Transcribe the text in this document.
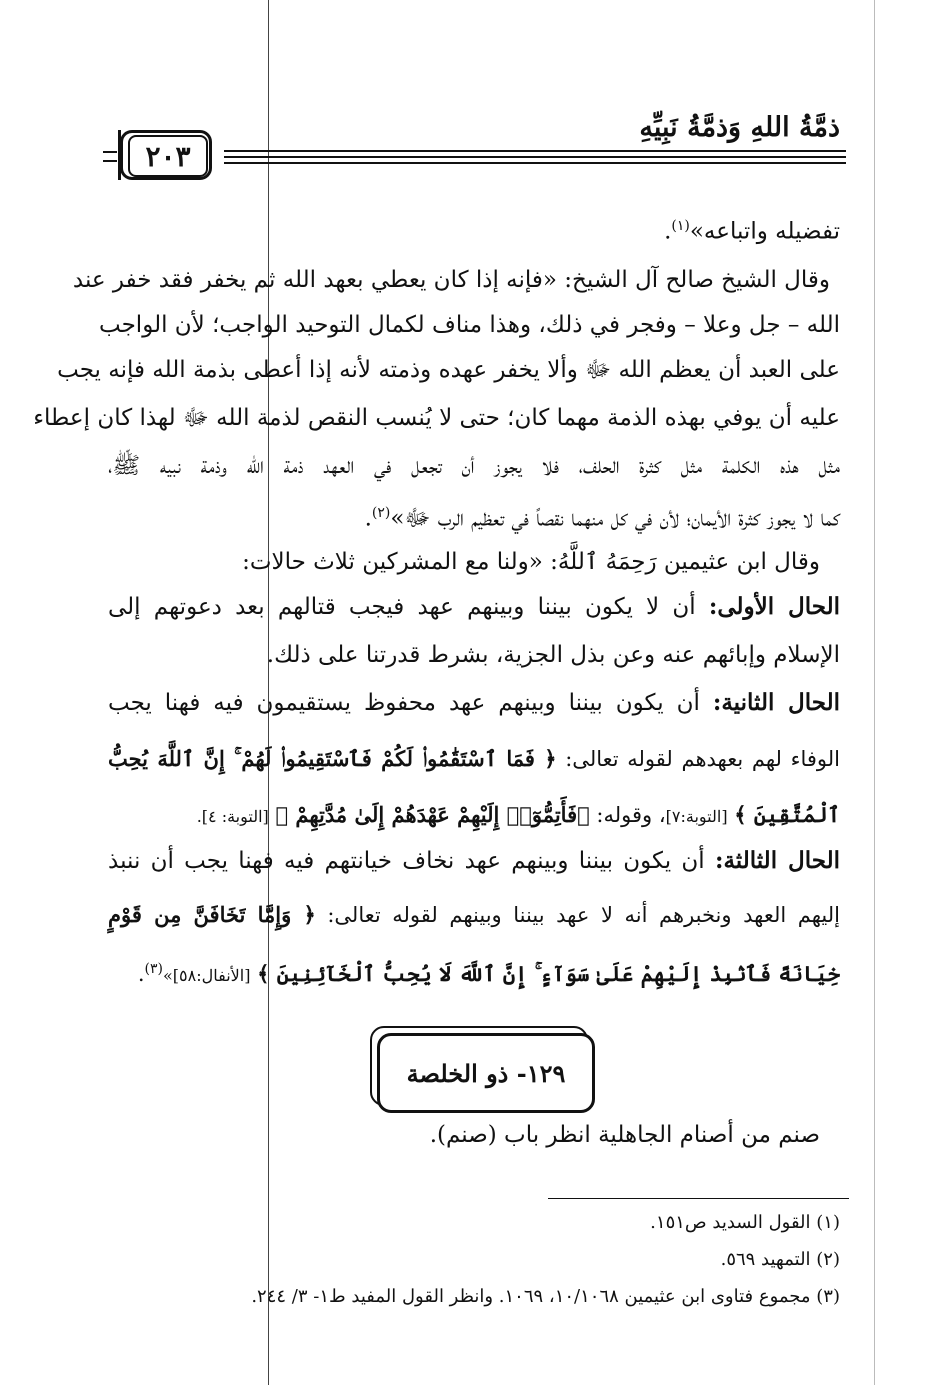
ذمَّةُ اللهِ وَذمَّةُ نَبِيِّهِ
٢٠٣
تفضيله واتباعه»$^{(١)}$.
وقال الشيخ صالح آل الشيخ: «فإنه إذا كان يعطي بعهد الله ثم يخفر فقد خفر عند
الله – جل وعلا – وفجر في ذلك، وهذا مناف لكمال التوحيد الواجب؛ لأن الواجب
على العبد أن يعظم الله ﷻ وألا يخفر عهده وذمته لأنه إذا أعطى بذمة الله فإنه يجب
عليه أن يوفي بهذه الذمة مهما كان؛ حتى لا يُنسب النقص لذمة الله ﷻ لهذا كان إعطاء
مثل هذه الكلمة مثل كثرة الحلف، فلا يجوز أن تجعل في العهد ذمة الله وذمة نبيه ﷺ،
كما لا يجوز كثرة الأيمان؛ لأن في كل منهما نقصاً في تعظيم الرب ﷻ»$^{(٢)}$.
وقال ابن عثيمين رَحِمَهُ ٱللَّهُ: «ولنا مع المشركين ثلاث حالات:
الحال الأولى: أن لا يكون بيننا وبينهم عهد فيجب قتالهم بعد دعوتهم إلى
الإسلام وإبائهم عنه وعن بذل الجزية، بشرط قدرتنا على ذلك.
الحال الثانية: أن يكون بيننا وبينهم عهد محفوظ يستقيمون فيه فهنا يجب
الوفاء لهم بعهدهم لقوله تعالى: ﴿ فَمَا ٱسْتَقَٰمُوا۟ لَكُمْ فَٱسْتَقِيمُوا۟ لَهُمْ ۚ إِنَّ ٱللَّهَ يُحِبُّ
ٱلْمُتَّقِينَ ﴾ [التوبة:٧]، وقوله: ﴿فَأَتِمُّوٓا۟ إِلَيْهِمْ عَهْدَهُمْ إِلَىٰ مُدَّتِهِمْ ﴾ [التوبة: ٤].
الحال الثالثة: أن يكون بيننا وبينهم عهد نخاف خيانتهم فيه فهنا يجب أن ننبذ
إليهم العهد ونخبرهم أنه لا عهد بيننا وبينهم لقوله تعالى: ﴿ وَإِمَّا تَخَافَنَّ مِن قَوْمٍ
خِيَانَةً فَٱنۢبِذْ إِلَيْهِمْ عَلَىٰ سَوَآءٍ ۚ إِنَّ ٱللَّهَ لَا يُحِبُّ ٱلْخَآئِنِينَ ﴾ [الأنفال:٥٨]»$^{(٣)}$.
١٢٩- ذو الخلصة
صنم من أصنام الجاهلية انظر باب (صنم).
(١) القول السديد ص١٥١.
(٢) التمهيد ٥٦٩.
(٣) مجموع فتاوى ابن عثيمين ١٠/١٠٦٨، ١٠٦٩. وانظر القول المفيد ط١- ٣/ ٢٤٤.
